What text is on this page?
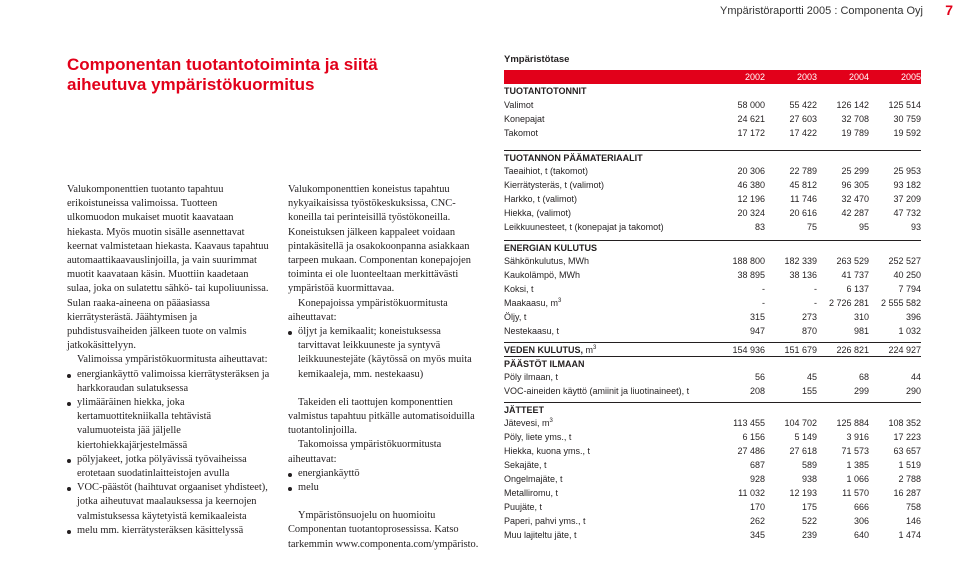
Ympäristöraportti 2005 : Componenta Oyj 7
Componentan tuotantotoiminta ja siitä aiheutuva ympäristökuormitus

Valukomponenttien tuotanto tapahtuu erikoistuneissa valimoissa. Tuotteen ulkomuodon mukaiset muotit kaavataan hiekasta. Myös muotin sisälle asennettavat keernat valmistetaan hiekasta. Kaavaus tapahtuu automaattikaavauslinjoilla, ja vain suurimmat muotit kaavataan käsin. Muottiin kaadetaan sulaa, joka on sulatettu sähkö- tai kupoliuunissa. Sulan raaka-aineena on pääasiassa kierrätysterästä. Jäähtymisen ja puhdistusvaiheiden jälkeen tuote on valmis jatkokäsittelyyn.

Valimoissa ympäristökuormitusta aiheuttavat:

energiankäyttö valimoissa kierrätysteräksen ja harkkoraudan sulatuksessa
ylimääräinen hiekka, joka kertamuottitekniikalla tehtävistä valumuoteista jää jäljelle kiertohiekkajärjestelmässä
pölyjakeet, jotka pölyävissä työvaiheissa erotetaan suodatinlaitteistojen avulla
VOC-päästöt (haihtuvat orgaaniset yhdisteet), jotka aiheutuvat maalauksessa ja keernojen valmistuksessa käytetyistä kemikaaleista
melu mm. kierrätysteräksen käsittelyssä

Valukomponenttien koneistus tapahtuu nykyaikaisissa työstökeskuksissa, CNC-koneilla tai perinteisillä työstökoneilla. Koneistuksen jälkeen kappaleet voidaan pintakäsitellä ja osakokoonpanna asiakkaan tarpeen mukaan. Componentan konepajojen toiminta ei ole luonteeltaan merkittävästi ympäristöä kuormittavaa.

Konepajoissa ympäristökuormitusta aiheuttavat:

öljyt ja kemikaalit; koneistuksessa tarvittavat leikkuuneste ja syntyvä leikkuunestejäte (käytössä on myös muita kemikaaleja, mm. nestekaasu)

Takeiden eli taottujen komponenttien valmistus tapahtuu pitkälle automatisoiduilla tuotantolinjoilla.

Takomoissa ympäristökuormitusta aiheuttavat:

energiankäyttö
melu

Ympäristönsuojelu on huomioitu Componentan tuotantoprosessissa. Katso tarkemmin www.componenta.com/ympäristo.

Ympäristötase
2002	2003	2004	2005
TUOTANTOTONNIT
Valimot	58 000	55 422	126 142	125 514
Konepajat	24 621	27 603	32 708	30 759
Takomot	17 172	17 422	19 789	19 592
TUOTANNON PÄÄMATERIAALIT
Taeaihiot, t (takomot)	20 306	22 789	25 299	25 953
Kierrätysteräs, t (valimot)	46 380	45 812	96 305	93 182
Harkko, t (valimot)	12 196	11 746	32 470	37 209
Hiekka, (valimot)	20 324	20 616	42 287	47 732
Leikkuunesteet, t (konepajat ja takomot)	83	75	95	93
ENERGIAN KULUTUS
Sähkönkulutus, MWh	188 800	182 339	263 529	252 527
Kaukolämpö, MWh	38 895	38 136	41 737	40 250
Koksi, t	-	-	6 137	7 794
Maakaasu, $m^3$	-	-	2 726 281	2 555 582
Öljy, t	315	273	310	396
Nestekaasu, t	947	870	981	1 032
VEDEN KULUTUS, $m^3$	154 936	151 679	226 821	224 927
PÄÄSTÖT ILMAAN
Pöly ilmaan, t	56	45	68	44
VOC-aineiden käyttö (amiinit ja liuotinaineet), t	208	155	299	290
JÄTTEET
Jätevesi, $m^3$	113 455	104 702	125 884	108 352
Pöly, liete yms., t	6 156	5 149	3 916	17 223
Hiekka, kuona yms., t	27 486	27 618	71 573	63 657
Sekajäte, t	687	589	1 385	1 519
Ongelmajäte, t	928	938	1 066	2 788
Metalliromu, t	11 032	12 193	11 570	16 287
Puujäte, t	170	175	666	758
Paperi, pahvi yms., t	262	522	306	146
Muu lajiteltu jäte, t	345	239	640	1 474
